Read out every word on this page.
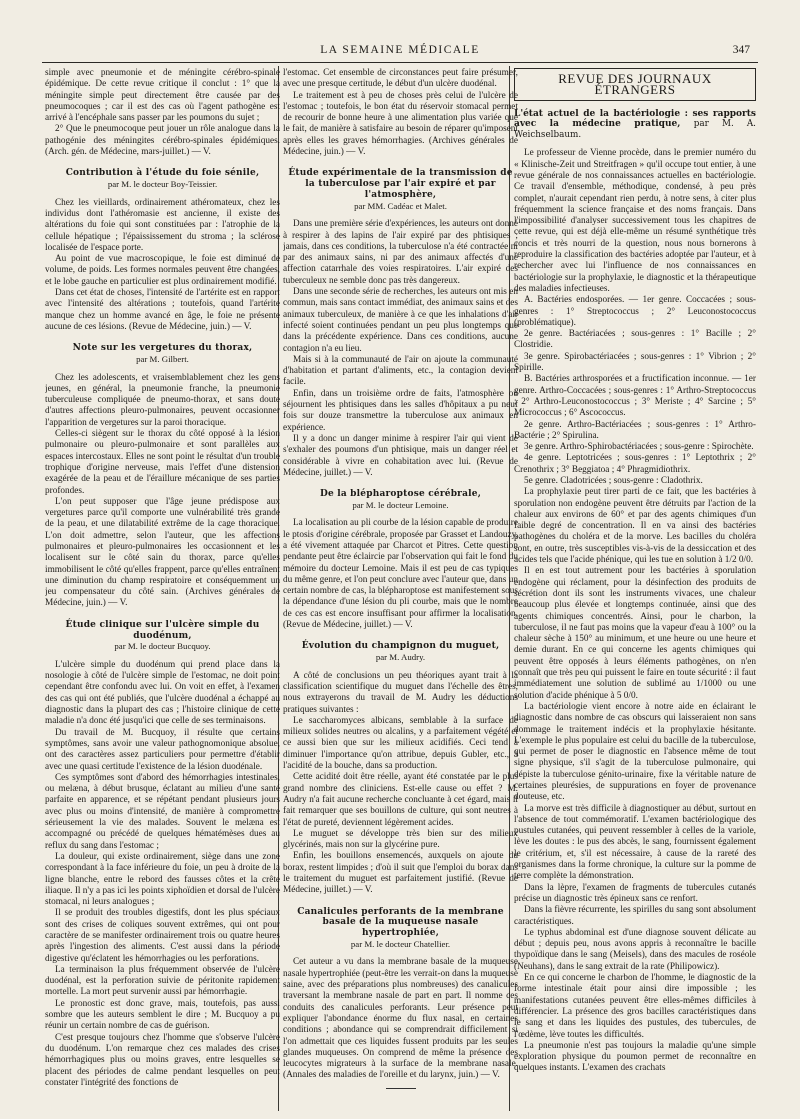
LA SEMAINE MÉDICALE	347

simple avec pneumonie et de méningite cérébro-spinale épidémique. De cette revue critique il conclut : 1° que la méningite simple peut directement être causée par des pneumocoques ; car il est des cas où l'agent pathogène est arrivé à l'encéphale sans passer par les poumons du sujet ;

2° Que le pneumocoque peut jouer un rôle analogue dans la pathogénie des méningites cérébro-spinales épidémiques. (Arch. gén. de Médecine, mars-juillet.) — V.

Contribution à l'étude du foie sénile,
par M. le docteur Boy-Teissier.

Chez les vieillards, ordinairement athéromateux, chez les individus dont l'athéromasie est ancienne, il existe des altérations du foie qui sont constituées par : l'atrophie de la cellule hépatique ; l'épaississement du stroma ; la sclérose localisée de l'espace porte.

Au point de vue macroscopique, le foie est diminué de volume, de poids. Les formes normales peuvent être changées, et le lobe gauche en particulier est plus ordinairement modifié.

Dans cet état de choses, l'intensité de l'artérite est en rapport avec l'intensité des altérations ; toutefois, quand l'artérite manque chez un homme avancé en âge, le foie ne présente aucune de ces lésions. (Revue de Médecine, juin.) — V.

Note sur les vergetures du thorax,
par M. Gilbert.

Chez les adolescents, et vraisemblablement chez les gens jeunes, en général, la pneumonie franche, la pneumonie tuberculeuse compliquée de pneumo-thorax, et sans doute d'autres affections pleuro-pulmonaires, peuvent occasionner l'apparition de vergetures sur la paroi thoracique.

Celles-ci siègent sur le thorax du côté opposé à la lésion pulmonaire ou pleuro-pulmonaire et sont parallèles aux espaces intercostaux. Elles ne sont point le résultat d'un trouble trophique d'origine nerveuse, mais l'effet d'une distension exagérée de la peau et de l'éraillure mécanique de ses parties profondes.

L'on peut supposer que l'âge jeune prédispose aux vergetures parce qu'il comporte une vulnérabilité très grande de la peau, et une dilatabilité extrême de la cage thoracique. L'on doit admettre, selon l'auteur, que les affections pulmonaires et pleuro-pulmonaires les occasionnent et les localisent sur le côté sain du thorax, parce qu'elles immobilisent le côté qu'elles frappent, parce qu'elles entraînent une diminution du champ respiratoire et conséquemment un jeu compensateur du côté sain. (Archives générales de Médecine, juin.) — V.

Étude clinique sur l'ulcère simple du duodénum,
par M. le docteur Bucquoy.

L'ulcère simple du duodénum qui prend place dans la nosologie à côté de l'ulcère simple de l'estomac, ne doit point cependant être confondu avec lui. On voit en effet, à l'examen des cas qui ont été publiés, que l'ulcère duodénal a échappé au diagnostic dans la plupart des cas ; l'histoire clinique de cette maladie n'a donc été jusqu'ici que celle de ses terminaisons.

Du travail de M. Bucquoy, il résulte que certains symptômes, sans avoir une valeur pathognomonique absolue, ont des caractères assez particuliers pour permettre d'établir avec une quasi certitude l'existence de la lésion duodénale.

Ces symptômes sont d'abord des hémorrhagies intestinales, ou melæna, à début brusque, éclatant au milieu d'une santé parfaite en apparence, et se répétant pendant plusieurs jours avec plus ou moins d'intensité, de manière à compromettre sérieusement la vie des malades. Souvent le melæna est accompagné ou précédé de quelques hématémèses dues au reflux du sang dans l'estomac ;

La douleur, qui existe ordinairement, siège dans une zone correspondant à la face inférieure du foie, un peu à droite de la ligne blanche, entre le rebord des fausses côtes et la crête iliaque. Il n'y a pas ici les points xiphoïdien et dorsal de l'ulcère stomacal, ni leurs analogues ;

Il se produit des troubles digestifs, dont les plus spéciaux sont des crises de coliques souvent extrêmes, qui ont pour caractère de se manifester ordinairement trois ou quatre heures après l'ingestion des aliments. C'est aussi dans la période digestive qu'éclatent les hémorrhagies ou les perforations.

La terminaison la plus fréquemment observée de l'ulcère duodénal, est la perforation suivie de péritonite rapidement mortelle. La mort peut survenir aussi par hémorrhagie.

Le pronostic est donc grave, mais, toutefois, pas aussi sombre que les auteurs semblent le dire ; M. Bucquoy a pu réunir un certain nombre de cas de guérison.

C'est presque toujours chez l'homme que s'observe l'ulcère du duodénum. L'on remarque chez ces malades des crises hémorrhagiques plus ou moins graves, entre lesquelles se placent des périodes de calme pendant lesquelles on peut constater l'intégrité des fonctions de

l'estomac. Cet ensemble de circonstances peut faire présumer, avec une presque certitude, le début d'un ulcère duodénal.

Le traitement est à peu de choses près celui de l'ulcère de l'estomac ; toutefois, le bon état du réservoir stomacal permet de recourir de bonne heure à une alimentation plus variée que le fait, de manière à satisfaire au besoin de réparer qu'imposent après elles les graves hémorrhagies. (Archives générales de Médecine, juin.) — V.

Étude expérimentale de la transmission de la tuberculose par l'air expiré et par l'atmosphère,
par MM. Cadéac et Malet.

Dans une première série d'expériences, les auteurs ont donné à respirer à des lapins de l'air expiré par des phtisiques ; jamais, dans ces conditions, la tuberculose n'a été contractée ni par des animaux sains, ni par des animaux affectés d'une affection catarrhale des voies respiratoires. L'air expiré des tuberculeux ne semble donc pas très dangereux.

Dans une seconde série de recherches, les auteurs ont mis en commun, mais sans contact immédiat, des animaux sains et des animaux tuberculeux, de manière à ce que les inhalations d'air infecté soient continuées pendant un peu plus longtemps que dans la précédente expérience. Dans ces conditions, aucune contagion n'a eu lieu.

Mais si à la communauté de l'air on ajoute la communauté d'habitation et partant d'aliments, etc., la contagion devient facile.

Enfin, dans un troisième ordre de faits, l'atmosphère où séjournent les phtisiques dans les salles d'hôpitaux a pu neuf fois sur douze transmettre la tuberculose aux animaux en expérience.

Il y a donc un danger minime à respirer l'air qui vient de s'exhaler des poumons d'un phtisique, mais un danger réel et considérable à vivre en cohabitation avec lui. (Revue de Médecine, juillet.) — V.

De la blépharoptose cérébrale,
par M. le docteur Lemoine.

La localisation au pli courbe de la lésion capable de produire le ptosis d'origine cérébrale, proposée par Grasset et Landouzy, a été vivement attaquée par Charcot et Pitres. Cette question pendante peut être éclaircie par l'observation qui fait le fond du mémoire du docteur Lemoine. Mais il est peu de cas typiques du même genre, et l'on peut conclure avec l'auteur que, dans un certain nombre de cas, la blépharoptose est manifestement sous la dépendance d'une lésion du pli courbe, mais que le nombre de ces cas est encore insuffisant pour affirmer la localisation. (Revue de Médecine, juillet.) — V.

Évolution du champignon du muguet,
par M. Audry.

A côté de conclusions un peu théoriques ayant trait à la classification scientifique du muguet dans l'échelle des êtres, nous extrayerons du travail de M. Audry les déductions pratiques suivantes :

Le saccharomyces albicans, semblable à la surface de milieux solides neutres ou alcalins, y a parfaitement végété et ce aussi bien que sur les milieux acidifiés. Ceci tend à diminuer l'importance qu'on attribue, depuis Gubler, etc., à l'acidité de la bouche, dans sa production.

Cette acidité doit être réelle, ayant été constatée par le plus grand nombre des cliniciens. Est-elle cause ou effet ? M. Audry n'a fait aucune recherche concluante à cet égard, mais il fait remarquer que ses bouillons de culture, qui sont neutres à l'état de pureté, deviennent légèrement acides.

Le muguet se développe très bien sur des milieux glycérinés, mais non sur la glycérine pure.

Enfin, les bouillons ensemencés, auxquels on ajoute du borax, restent limpides ; d'où il suit que l'emploi du borax dans le traitement du muguet est parfaitement justifié. (Revue de Médecine, juillet.) — V.

Canalicules perforants de la membrane basale de la muqueuse nasale hypertrophiée,
par M. le docteur Chatellier.

Cet auteur a vu dans la membrane basale de la muqueuse nasale hypertrophiée (peut-être les verrait-on dans la muqueuse saine, avec des préparations plus nombreuses) des canalicules traversant la membrane nasale de part en part. Il nomme ces conduits des canalicules perforants. Leur présence peut expliquer l'abondance énorme du flux nasal, en certaines conditions ; abondance qui se comprendrait difficilement si l'on admettait que ces liquides fussent produits par les seules glandes muqueuses. On comprend de même la présence des leucocytes migrateurs à la surface de la membrane nasale. (Annales des maladies de l'oreille et du larynx, juin.) — V.

REVUE DES JOURNAUX ÉTRANGERS
L'état actuel de la bactériologie : ses rapports avec la médecine pratique, par M. A. Weichselbaum.

Le professeur de Vienne procède, dans le premier numéro du « Klinische-Zeit und Streitfragen » qu'il occupe tout entier, à une revue générale de nos connaissances actuelles en bactériologie. Ce travail d'ensemble, méthodique, condensé, à peu près complet, n'aurait cependant rien perdu, à notre sens, à citer plus fréquemment la science française et des noms français. Dans l'impossibilité d'analyser successivement tous les chapitres de cette revue, qui est déjà elle-même un résumé synthétique très concis et très nourri de la question, nous nous bornerons à reproduire la classification des bactéries adoptée par l'auteur, et à rechercher avec lui l'influence de nos connaissances en bactériologie sur la prophylaxie, le diagnostic et la thérapeutique des maladies infectieuses.

A. Bactéries endosporées. — 1er genre. Coccacées ; sous-genres : 1° Streptococcus ; 2° Leuconostococcus (problématique).

2e genre. Bactériacées ; sous-genres : 1° Bacille ; 2° Clostridie.

3e genre. Spirobactériacées ; sous-genres : 1° Vibrion ; 2° Spirille.

B. Bactéries arthrosporées et a fructification inconnue. — 1er genre. Arthro-Coccacées ; sous-genres : 1° Arthro-Streptococcus ; 2° Arthro-Leuconostococcus ; 3° Meriste ; 4° Sarcine ; 5° Micrococcus ; 6° Ascococcus.

2e genre. Arthro-Bactériacées ; sous-genres : 1° Arthro-Bactérie ; 2° Spirulina.

3e genre. Arthro-Sphirobactériacées ; sous-genre : Spirochète.

4e genre. Leptotricées ; sous-genres : 1° Leptothrix ; 2° Crenothrix ; 3° Beggiatoa ; 4° Phragmidiothrix.

5e genre. Cladotricées ; sous-genre : Cladothrix.

La prophylaxie peut tirer parti de ce fait, que les bactéries à sporulation non endogène peuvent être détruits par l'action de la chaleur aux environs de 60° et par des agents chimiques d'un faible degré de concentration. Il en va ainsi des bactéries pathogènes du choléra et de la morve. Les bacilles du choléra sont, en outre, très susceptibles vis-à-vis de la dessiccation et des acides tels que l'acide phénique, qui les tue en solution à 1/2 0/0.

Il en est tout autrement pour les bactéries à sporulation endogène qui réclament, pour la désinfection des produits de sécrétion dont ils sont les instruments vivaces, une chaleur beaucoup plus élevée et longtemps continuée, ainsi que des agents chimiques concentrés. Ainsi, pour le charbon, la tuberculose, il ne faut pas moins que la vapeur d'eau à 100° ou la chaleur sèche à 150° au minimum, et une heure ou une heure et demie durant. En ce qui concerne les agents chimiques qui peuvent être opposés à leurs éléments pathogènes, on n'en connaît que très peu qui puissent le faire en toute sécurité : il faut immédiatement une solution de sublimé au 1/1000 ou une solution d'acide phénique à 5 0/0.

La bactériologie vient encore à notre aide en éclairant le diagnostic dans nombre de cas obscurs qui laisseraient non sans dommage le traitement indécis et la prophylaxie hésitante. L'exemple le plus populaire est celui du bacille de la tuberculose, qui permet de poser le diagnostic en l'absence même de tout signe physique, s'il s'agit de la tuberculose pulmonaire, qui dépiste la tuberculose génito-urinaire, fixe la véritable nature de certaines pleurésies, de suppurations en foyer de provenance douteuse, etc.

La morve est très difficile à diagnostiquer au début, surtout en l'absence de tout commémoratif. L'examen bactériologique des pustules cutanées, qui peuvent ressembler à celles de la variole, lève les doutes : le pus des abcès, le sang, fournissent également le critérium, et, s'il est nécessaire, à cause de la rareté des organismes dans la forme chronique, la culture sur la pomme de terre complète la démonstration.

Dans la lèpre, l'examen de fragments de tubercules cutanés précise un diagnostic très épineux sans ce renfort.

Dans la fièvre récurrente, les spirilles du sang sont absolument caractéristiques.

Le typhus abdominal est d'une diagnose souvent délicate au début ; depuis peu, nous avons appris à reconnaître le bacille thypoïdique dans le sang (Meisels), dans des macules de roséole (Neuhans), dans le sang extrait de la rate (Philipowicz).

En ce qui concerne le charbon de l'homme, le diagnostic de la forme intestinale était pour ainsi dire impossible ; les manifestations cutanées peuvent être elles-mêmes difficiles à différencier. La présence des gros bacilles caractéristiques dans le sang et dans les liquides des pustules, des tubercules, de l'œdème, lève toutes les difficultés.

La pneumonie n'est pas toujours la maladie qu'une simple exploration physique du poumon permet de reconnaître en quelques instants. L'examen des crachats
